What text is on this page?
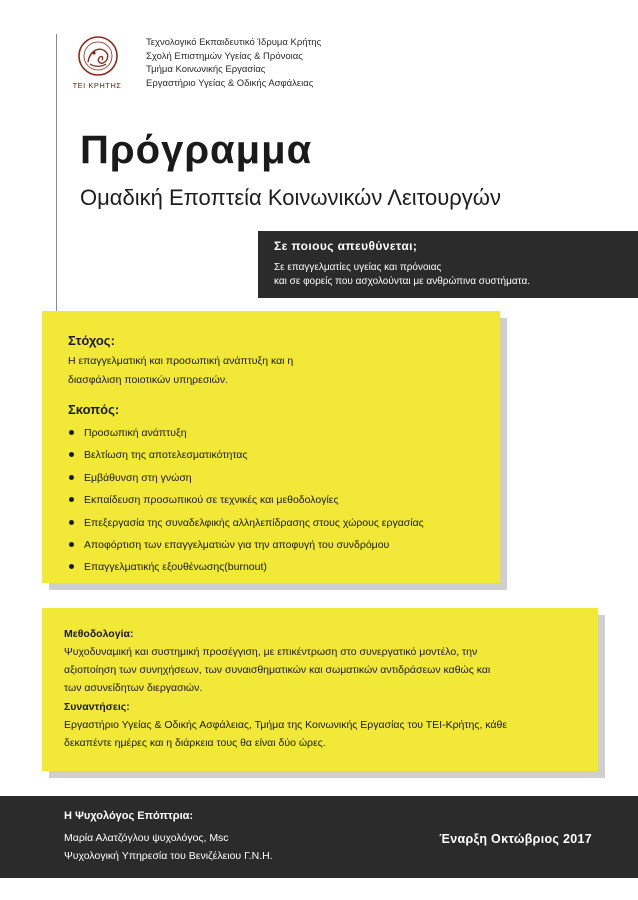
ΤΕΙ ΚΡΗΤΗΣ
Τεχνολογικό Εκπαιδευτικό Ίδρυμα Κρήτης
Σχολή Επιστημών Υγείας & Πρόνοιας
Τμήμα Κοινωνικής Εργασίας
Εργαστήριο Υγείας & Οδικής Ασφάλειας
Πρόγραμμα
Ομαδική Εποπτεία Κοινωνικών Λειτουργών
Σε ποιους απευθύνεται;
Σε επαγγελματίες υγείας και πρόνοιας
και σε φορείς που ασχολούνται με ανθρώπινα συστήματα.
Στόχος:
Η επαγγελματική και προσωπική ανάπτυξη και η
διασφάλιση ποιοτικών υπηρεσιών.
Σκοπός:
Προσωπική ανάπτυξη
Βελτίωση της αποτελεσματικότητας
Εμβάθυνση στη γνώση
Εκπαίδευση προσωπικού σε τεχνικές και μεθοδολογίες
Επεξεργασία της συναδελφικής αλληλεπίδρασης στους χώρους εργασίας
Αποφόρτιση των επαγγελματιών για την αποφυγή του συνδρόμου
Επαγγελματικής εξουθένωσης(burnout)
Μεθοδολογία:
Ψυχοδυναμική και συστημική προσέγγιση, με επικέντρωση στο συνεργατικό μοντέλο, την
αξιοποίηση των συνηχήσεων, των συναισθηματικών και σωματικών αντιδράσεων καθώς και
των ασυνείδητων διεργασιών.
Συναντήσεις:
Εργαστήριο Υγείας & Οδικής Ασφάλειας, Τμήμα της Κοινωνικής Εργασίας του ΤΕΙ-Κρήτης, κάθε
δεκαπέντε ημέρες και η διάρκεια τους θα είναι δύο ώρες.
Η Ψυχολόγος Επόπτρια:
Μαρία Αλατζόγλου ψυχολόγος, Msc
Ψυχολογική Υπηρεσία του Βενιζέλειου Γ.Ν.Η.
Έναρξη Οκτώβριος 2017
